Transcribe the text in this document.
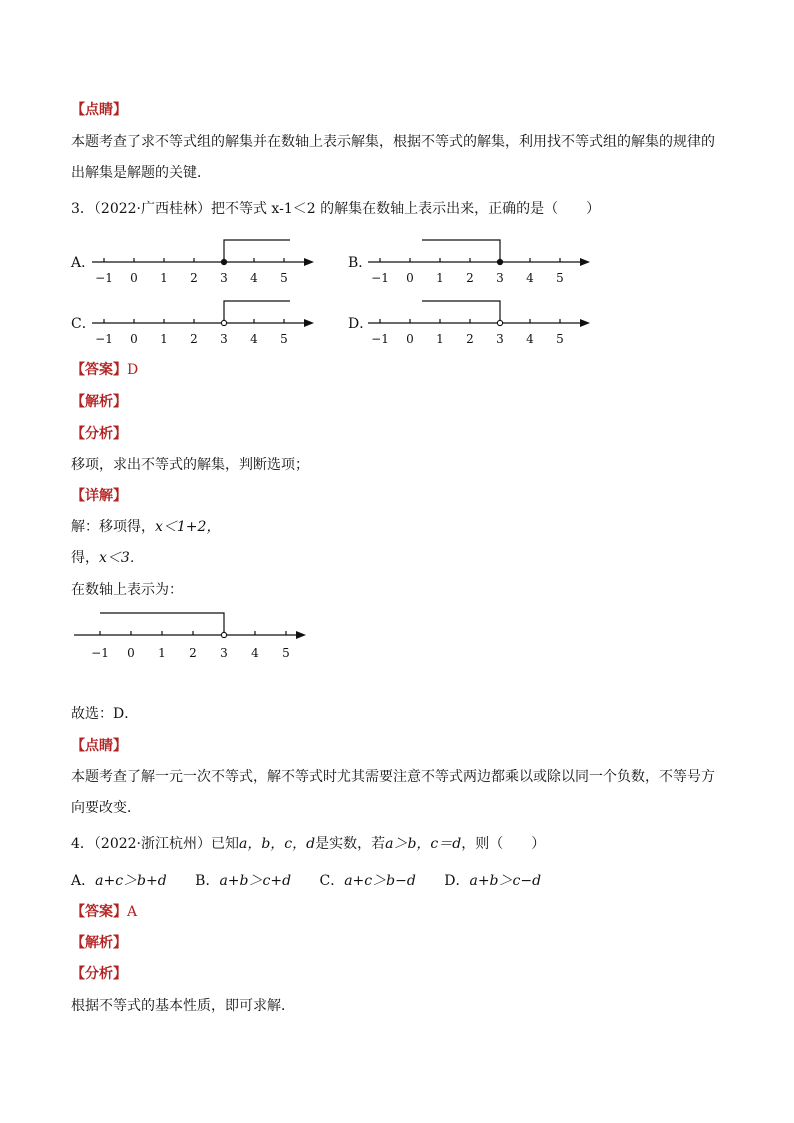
【点睛】
本题考查了求不等式组的解集并在数轴上表示解集，根据不等式的解集，利用找不等式组的解集的规律的
出解集是解题的关键．
3．（2022·广西桂林）把不等式 x-1＜2 的解集在数轴上表示出来，正确的是（　　）
A．	B．
C．	D．
−1 0 1 2 3 4 5	−1 0 1 2 3 4 5
−1 0 1 2 3 4 5	−1 0 1 2 3 4 5
【答案】D
【解析】
【分析】
移项，求出不等式的解集，判断选项；
【详解】
解：移项得，x＜1+2，
得，x＜3．
在数轴上表示为：
−1 0 1 2 3 4 5
故选：D．
【点睛】
本题考查了解一元一次不等式，解不等式时尤其需要注意不等式两边都乘以或除以同一个负数，不等号方
向要改变．
4．（2022·浙江杭州）已知a，b，c，d是实数，若a＞b，c＝d，则（　　）
A．a+c＞b+d B．a+b＞c+d C．a+c＞b−d D．a+b＞c−d
【答案】A
【解析】
【分析】
根据不等式的基本性质，即可求解．
